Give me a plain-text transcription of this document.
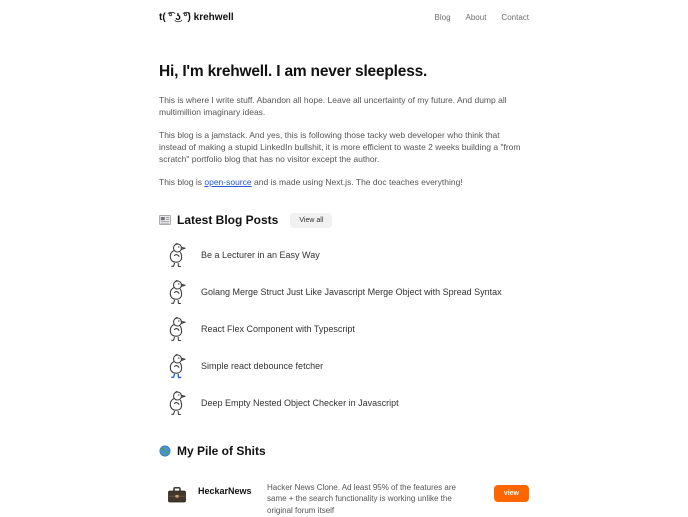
t( ͡° ͜ʖ ͡°) krehwell	Blog About Contact
Hi, I'm krehwell. I am never sleepless.

This is where I write stuff. Abandon all hope. Leave all uncertainty of my future. And dump all multimillion imaginary ideas.

This blog is a jamstack. And yes, this is following those tacky web developer who think that instead of making a stupid LinkedIn bullshit, it is more efficient to waste 2 weeks building a "from scratch" portfolio blog that has no visitor except the author.

This blog is open-source and is made using Next.js. The doc teaches everything!

Latest Blog Posts	View all
Be a Lecturer in an Easy Way
Golang Merge Struct Just Like Javascript Merge Object with Spread Syntax
React Flex Component with Typescript
Simple react debounce fetcher
Deep Empty Nested Object Checker in Javascript
My Pile of Shits
HeckarNews	Hacker News Clone. Ad least 95% of the features are same + the search functionality is working unlike the original forum itself
view
